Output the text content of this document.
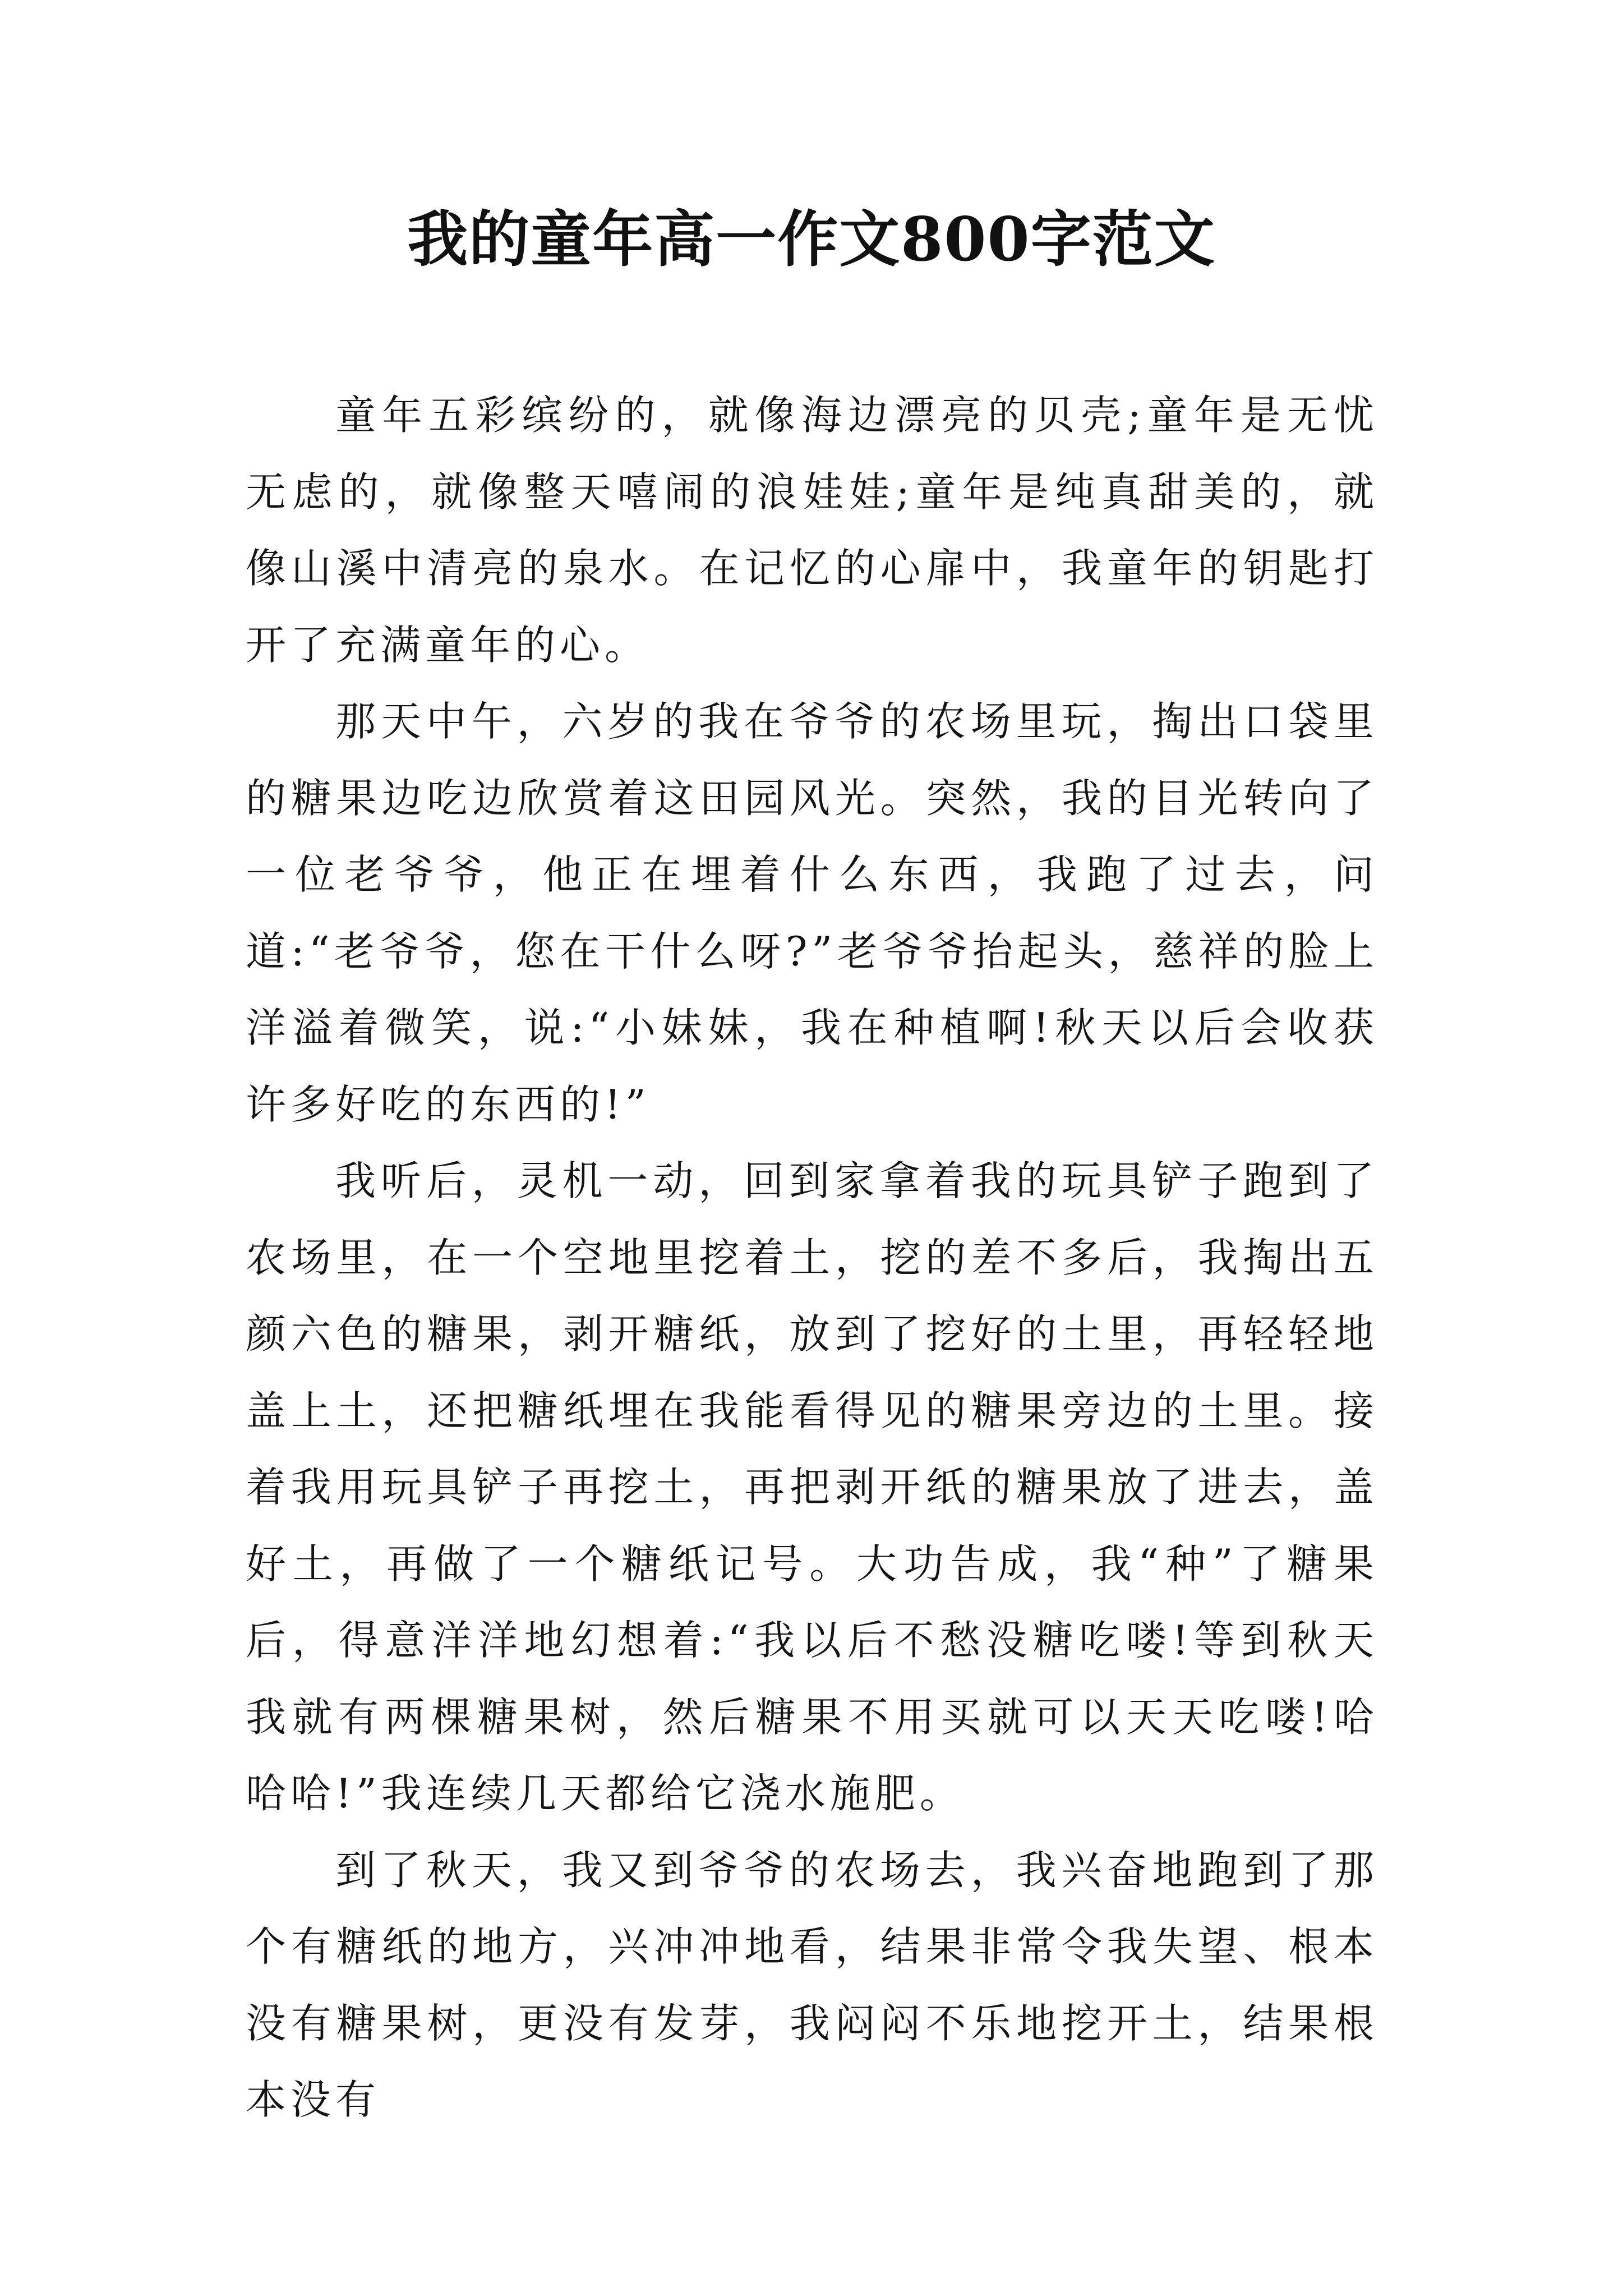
我的童年高一作文800字范文

童年五彩缤纷的，就像海边漂亮的贝壳;童年是无忧无虑的，就像整天嘻闹的浪娃娃;童年是纯真甜美的，就像山溪中清亮的泉水。在记忆的心扉中，我童年的钥匙打开了充满童年的心。

那天中午，六岁的我在爷爷的农场里玩，掏出口袋里的糖果边吃边欣赏着这田园风光。突然，我的目光转向了一位老爷爷，他正在埋着什么东西，我跑了过去，问道:“老爷爷，您在干什么呀?”老爷爷抬起头，慈祥的脸上洋溢着微笑，说:“小妹妹，我在种植啊!秋天以后会收获许多好吃的东西的!”

我听后，灵机一动，回到家拿着我的玩具铲子跑到了农场里，在一个空地里挖着土，挖的差不多后，我掏出五颜六色的糖果，剥开糖纸，放到了挖好的土里，再轻轻地盖上土，还把糖纸埋在我能看得见的糖果旁边的土里。接着我用玩具铲子再挖土，再把剥开纸的糖果放了进去，盖好土，再做了一个糖纸记号。大功告成，我“种”了糖果后，得意洋洋地幻想着:“我以后不愁没糖吃喽!等到秋天我就有两棵糖果树，然后糖果不用买就可以天天吃喽!哈哈哈!”我连续几天都给它浇水施肥。

到了秋天，我又到爷爷的农场去，我兴奋地跑到了那个有糖纸的地方，兴冲冲地看，结果非常令我失望、根本没有糖果树，更没有发芽，我闷闷不乐地挖开土，结果根本没有
